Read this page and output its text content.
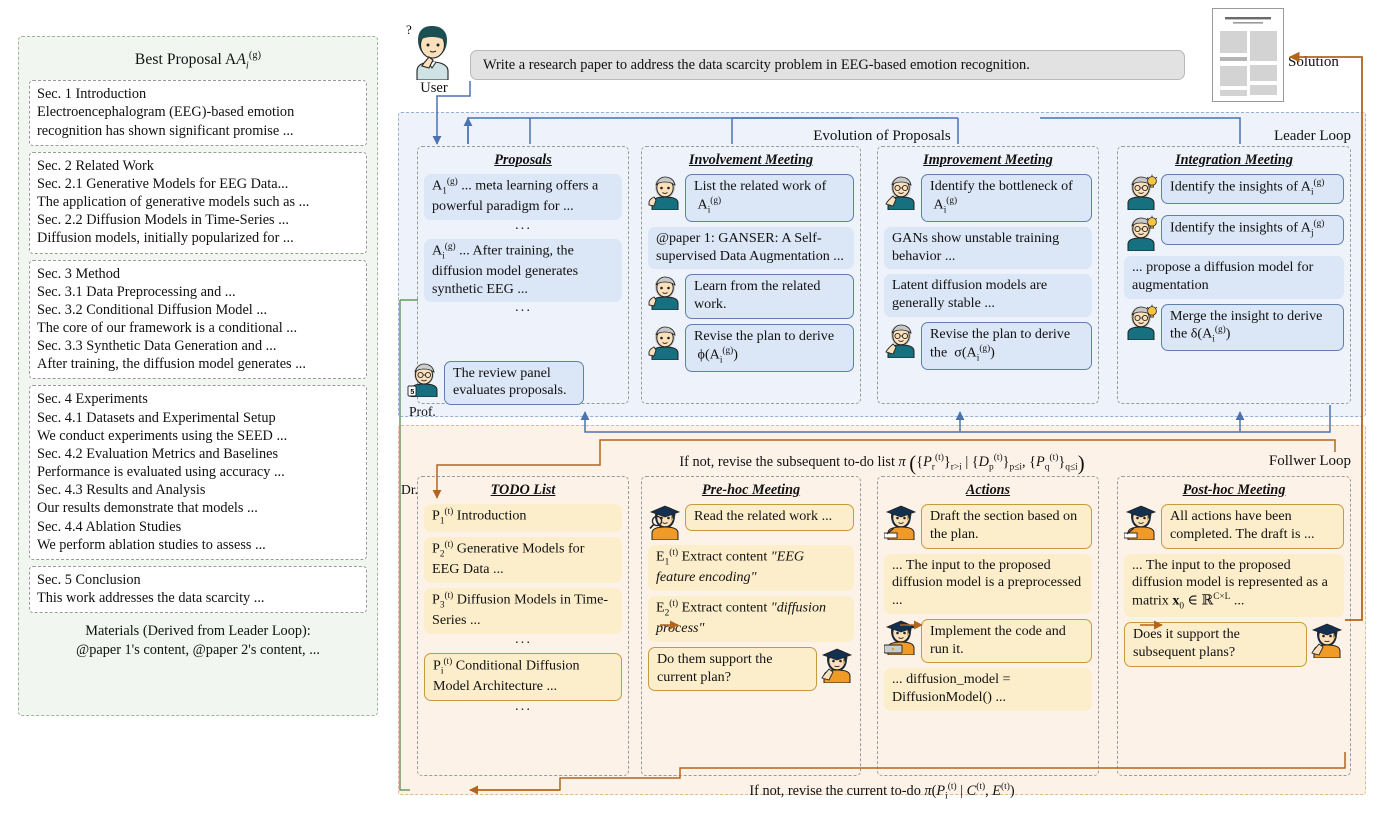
Best Proposal $AA_i^{(g)}$
Sec. 1 Introduction
Electroencephalogram (EEG)-based emotion
recognition has shown significant promise ...
Sec. 2 Related Work
Sec. 2.1 Generative Models for EEG Data...
The application of generative models such as ...
Sec. 2.2 Diffusion Models in Time-Series ...
Diffusion models, initially popularized for ...
Sec. 3 Method
Sec. 3.1 Data Preprocessing and ...
Sec. 3.2 Conditional Diffusion Model ...
The core of our framework is a conditional ...
Sec. 3.3 Synthetic Data Generation and ...
After training, the diffusion model generates ...
Sec. 4 Experiments
Sec. 4.1 Datasets and Experimental Setup
We conduct experiments using the SEED ...
Sec. 4.2 Evaluation Metrics and Baselines
Performance is evaluated using accuracy ...
Sec. 4.3 Results and Analysis
Our results demonstrate that models ...
Sec. 4.4 Ablation Studies
We perform ablation studies to assess ...
Sec. 5 Conclusion
This work addresses the data scarcity ...
Materials (Derived from Leader Loop):
@paper 1's content, @paper 2's content, ...
?
User
Write a research paper to address the data scarcity problem in EEG-based emotion recognition.	Solution
Leader Loop
Evolution of Proposals
Proposals
$A_1^{(g)}$ ... meta learning offers a powerful paradigm for ...
···
$A_i^{(g)}$ ... After training, the diffusion model generates synthetic EEG ...
···
Involvement Meeting
List the related work of  $A_i^{(g)}$
@paper 1: GANSER: A Self-supervised Data Augmentation ...
Learn from the related work.
Revise the plan to derive  $\phi(A_i^{(g)})$
Improvement Meeting
Identify the bottleneck of  $A_i^{(g)}$
GANs show unstable training behavior ...
Latent diffusion models are generally stable ...
Revise the plan to derive the  $\sigma(A_i^{(g)})$
Integration Meeting
Identify the insights of $A_i^{(g)}$
Identify the insights of $A_j^{(g)}$
... propose a diffusion model for augmentation
Merge the insight to derive the $\delta(A_i^{(g)})$
5
The review panel evaluates proposals.
Prof.
Follwer Loop
If not, revise the subsequent to-do list π ($\{P_r^{(t)}\}_{r>i}$ | $\{D_p^{(t)}\}_{p\le i}$, $\{P_q^{(t)}\}_{q\le i}$)
TODO List
$P_1^{(t)}$ Introduction
$P_2^{(t)}$ Generative Models for EEG Data ...
$P_3^{(t)}$ Diffusion Models in Time-Series ...
···
$P_i^{(t)}$ Conditional Diffusion Model Architecture ...
···
Pre-hoc Meeting
Read the related work ...
$E_1^{(t)}$ Extract content "EEG feature encoding"
$E_2^{(t)}$ Extract content "diffusion process"
Do them support the current plan?
Actions
Draft the section based on the plan.
... The input to the proposed diffusion model is a preprocessed ...
Implement the code and run it.
... diffusion_model = DiffusionModel() ...
Post-hoc Meeting
All actions have been completed. The draft is ...
... The input to the proposed diffusion model is represented as a matrix $x_0$ ∈ ℝ$^{C\times L}$ ...
Does it support the subsequent plans?
Dr.
If not, revise the current to-do $\pi(P_i^{(t)}$ | $C^{(t)}$, $E^{(t)}$)
